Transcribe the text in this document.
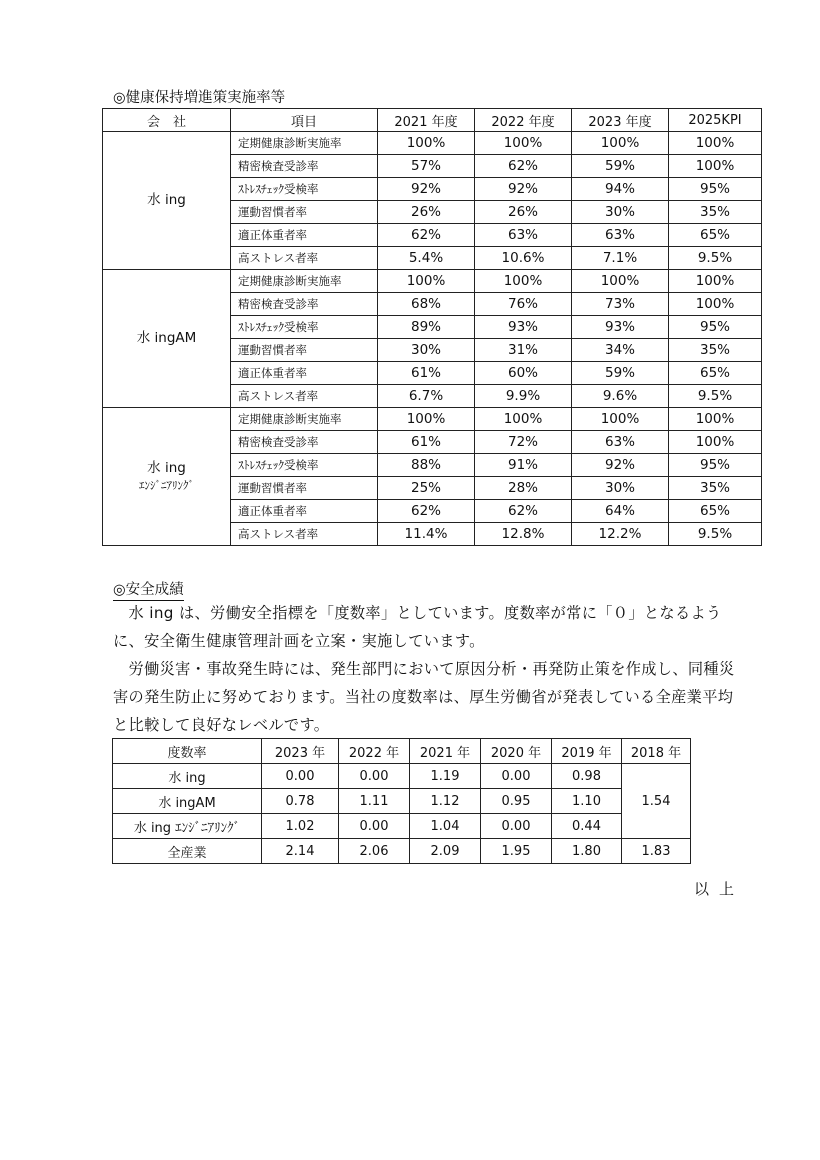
◎健康保持増進策実施率等
会　社	項目	2021 年度	2022 年度	2023 年度	2025KPI

水 ing	定期健康診断実施率	100%	100%	100%	100%
	精密検査受診率	57%	62%	59%	100%
	ｽﾄﾚｽﾁｪｯｸ受検率	92%	92%	94%	95%
	運動習慣者率	26%	26%	30%	35%
	適正体重者率	62%	63%	63%	65%
	高ストレス者率	5.4%	10.6%	7.1%	9.5%

水 ingAM	定期健康診断実施率	100%	100%	100%	100%
	精密検査受診率	68%	76%	73%	100%
	ｽﾄﾚｽﾁｪｯｸ受検率	89%	93%	93%	95%
	運動習慣者率	30%	31%	34%	35%
	適正体重者率	61%	60%	59%	65%
	高ストレス者率	6.7%	9.9%	9.6%	9.5%

水 ing
ｴﾝｼﾞﾆｱﾘﾝｸﾞ	定期健康診断実施率	100%	100%	100%	100%
	精密検査受診率	61%	72%	63%	100%
	ｽﾄﾚｽﾁｪｯｸ受検率	88%	91%	92%	95%
	運動習慣者率	25%	28%	30%	35%
	適正体重者率	62%	62%	64%	65%
	高ストレス者率	11.4%	12.8%	12.2%	9.5%
◎安全成績
　水 ing は、労働安全指標を「度数率」としています。度数率が常に「０」となるように、安全衛生健康管理計画を立案・実施しています。
　労働災害・事故発生時には、発生部門において原因分析・再発防止策を作成し、同種災害の発生防止に努めております。当社の度数率は、厚生労働省が発表している全産業平均と比較して良好なレベルです。
度数率	2023 年	2022 年	2021 年	2020 年	2019 年	2018 年
水 ing	0.00	0.00	1.19	0.00	0.98	1.54
水 ingAM	0.78	1.11	1.12	0.95	1.10	
水 ing ｴﾝｼﾞﾆｱﾘﾝｸﾞ	1.02	0.00	1.04	0.00	0.44	
全産業	2.14	2.06	2.09	1.95	1.80	1.83
以上
